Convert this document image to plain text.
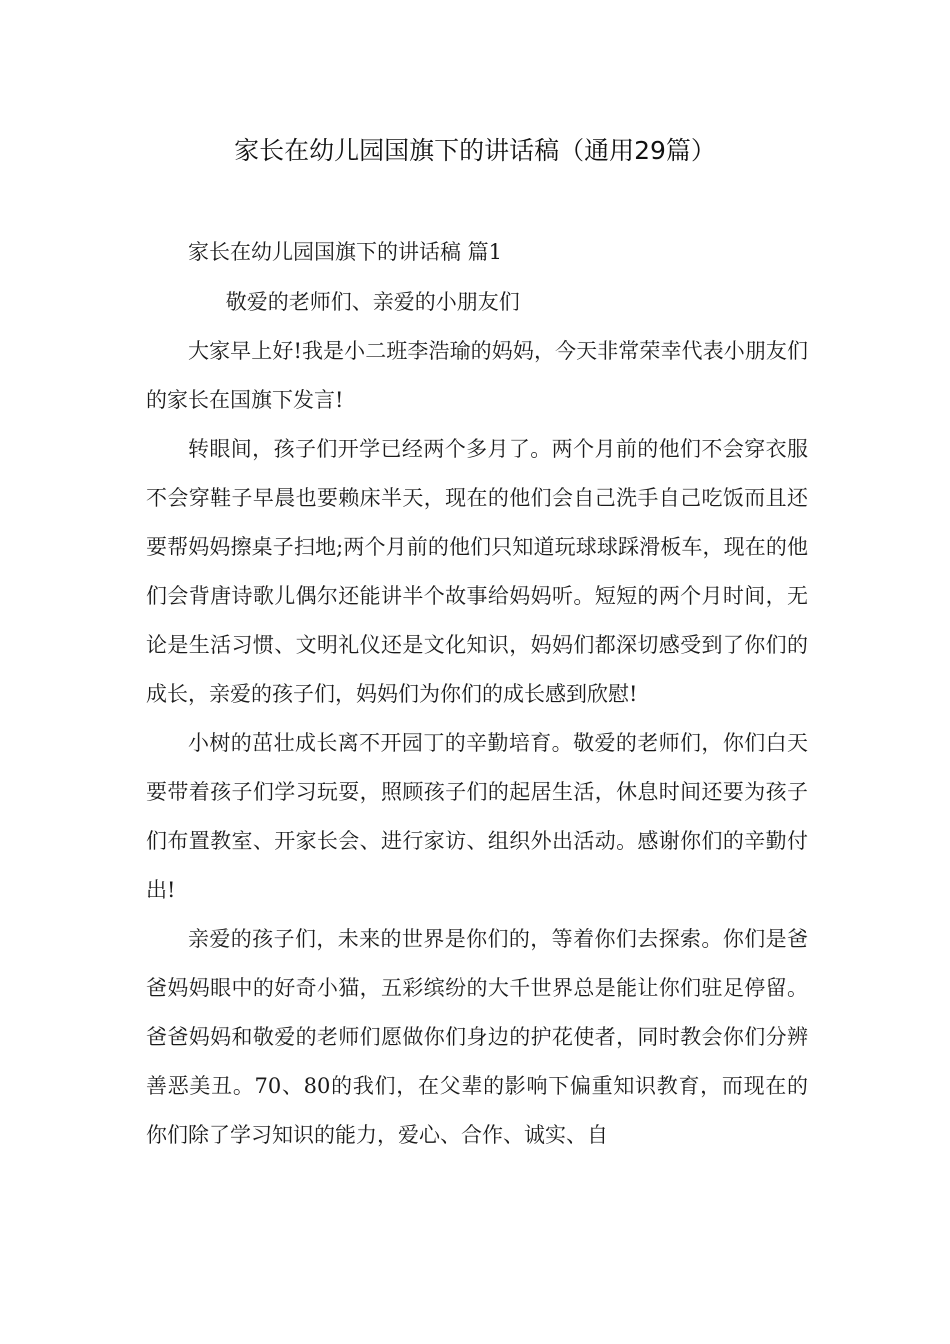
家长在幼儿园国旗下的讲话稿（通用29篇）

家长在幼儿园国旗下的讲话稿 篇1

敬爱的老师们、亲爱的小朋友们

大家早上好!我是小二班李浩瑜的妈妈，今天非常荣幸代表小朋友们的家长在国旗下发言!

转眼间，孩子们开学已经两个多月了。两个月前的他们不会穿衣服不会穿鞋子早晨也要赖床半天，现在的他们会自己洗手自己吃饭而且还要帮妈妈擦桌子扫地;两个月前的他们只知道玩球球踩滑板车，现在的他们会背唐诗歌儿偶尔还能讲半个故事给妈妈听。短短的两个月时间，无论是生活习惯、文明礼仪还是文化知识，妈妈们都深切感受到了你们的成长，亲爱的孩子们，妈妈们为你们的成长感到欣慰!

小树的茁壮成长离不开园丁的辛勤培育。敬爱的老师们，你们白天要带着孩子们学习玩耍，照顾孩子们的起居生活，休息时间还要为孩子们布置教室、开家长会、进行家访、组织外出活动。感谢你们的辛勤付出!

亲爱的孩子们，未来的世界是你们的，等着你们去探索。你们是爸爸妈妈眼中的好奇小猫，五彩缤纷的大千世界总是能让你们驻足停留。爸爸妈妈和敬爱的老师们愿做你们身边的护花使者，同时教会你们分辨善恶美丑。70、80的我们，在父辈的影响下偏重知识教育，而现在的你们除了学习知识的能力，爱心、合作、诚实、自
